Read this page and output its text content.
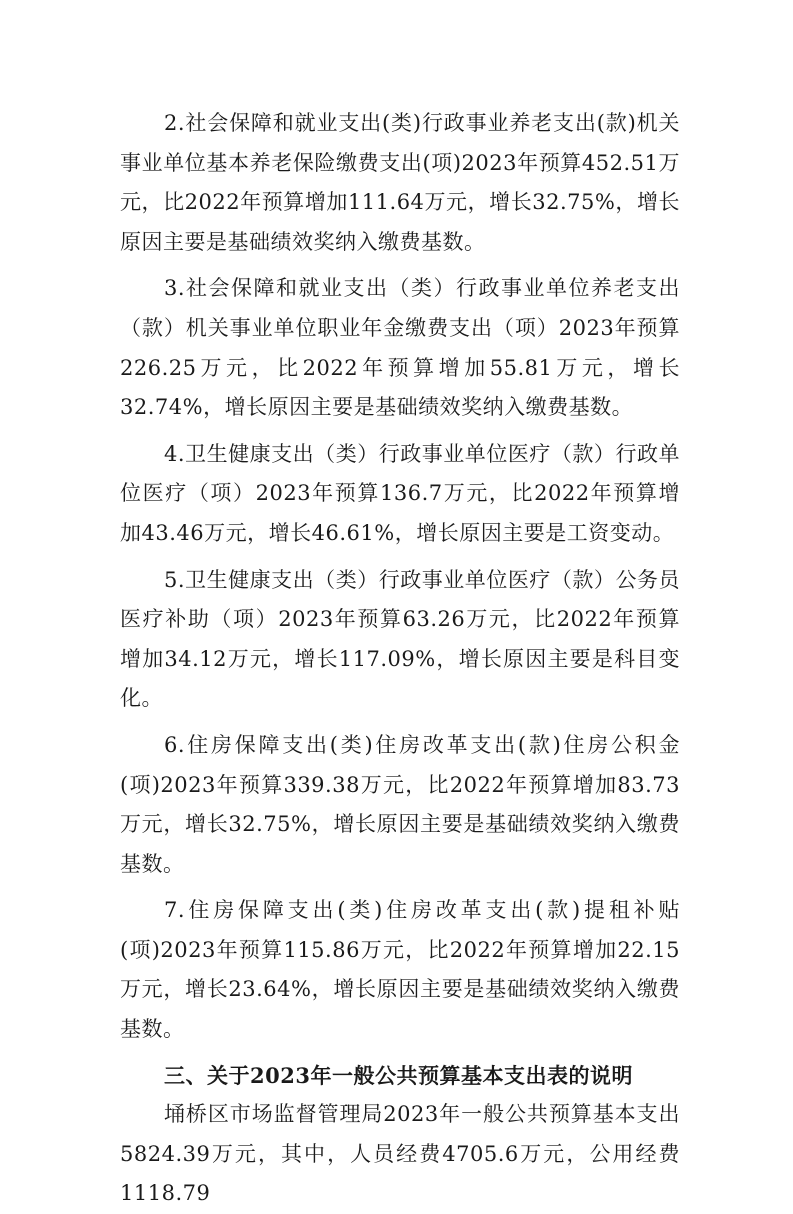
2.社会保障和就业支出(类)行政事业养老支出(款)机关事业单位基本养老保险缴费支出(项)2023年预算452.51万元，比2022年预算增加111.64万元，增长32.75%，增长原因主要是基础绩效奖纳入缴费基数。

3.社会保障和就业支出（类）行政事业单位养老支出（款）机关事业单位职业年金缴费支出（项）2023年预算226.25万元，比2022年预算增加55.81万元，增长32.74%，增长原因主要是基础绩效奖纳入缴费基数。

4.卫生健康支出（类）行政事业单位医疗（款）行政单位医疗（项）2023年预算136.7万元，比2022年预算增加43.46万元，增长46.61%，增长原因主要是工资变动。

5.卫生健康支出（类）行政事业单位医疗（款）公务员医疗补助（项）2023年预算63.26万元，比2022年预算增加34.12万元，增长117.09%，增长原因主要是科目变化。

6.住房保障支出(类)住房改革支出(款)住房公积金(项)2023年预算339.38万元，比2022年预算增加83.73万元，增长32.75%，增长原因主要是基础绩效奖纳入缴费基数。

7.住房保障支出(类)住房改革支出(款)提租补贴(项)2023年预算115.86万元，比2022年预算增加22.15万元，增长23.64%，增长原因主要是基础绩效奖纳入缴费基数。

三、关于2023年一般公共预算基本支出表的说明

埇桥区市场监督管理局2023年一般公共预算基本支出5824.39万元，其中，人员经费4705.6万元，公用经费1118.79
